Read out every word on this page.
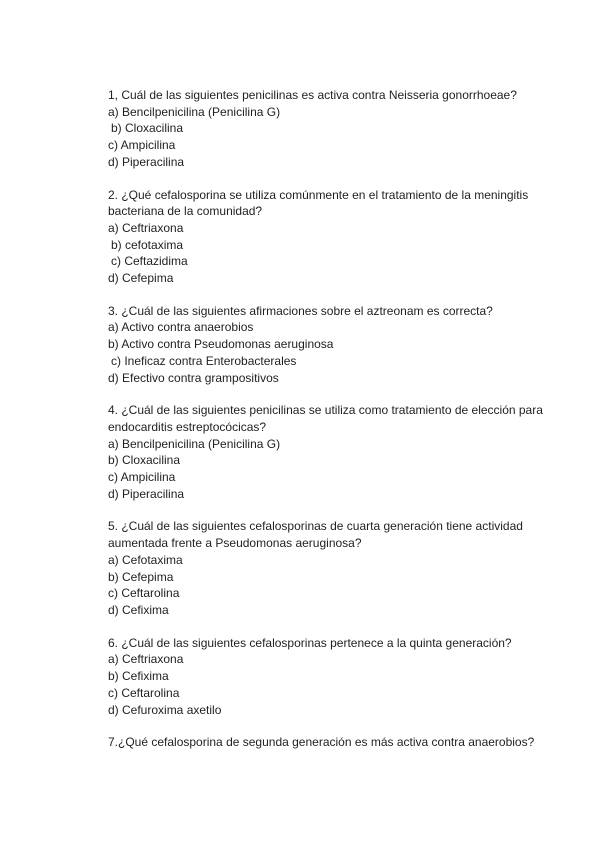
1, Cuál de las siguientes penicilinas es activa contra Neisseria gonorrhoeae?
a) Bencilpenicilina (Penicilina G)
b) Cloxacilina
c) Ampicilina
d) Piperacilina
2. ¿Qué cefalosporina se utiliza comúnmente en el tratamiento de la meningitis bacteriana de la comunidad?
a) Ceftriaxona
b) cefotaxima
c) Ceftazidima
d) Cefepima
3. ¿Cuál de las siguientes afirmaciones sobre el aztreonam es correcta?
a) Activo contra anaerobios
b) Activo contra Pseudomonas aeruginosa
c) Ineficaz contra Enterobacterales
d) Efectivo contra grampositivos
4. ¿Cuál de las siguientes penicilinas se utiliza como tratamiento de elección para endocarditis estreptocócicas?
a) Bencilpenicilina (Penicilina G)
b) Cloxacilina
c) Ampicilina
d) Piperacilina
5. ¿Cuál de las siguientes cefalosporinas de cuarta generación tiene actividad aumentada frente a Pseudomonas aeruginosa?
a) Cefotaxima
b) Cefepima
c) Ceftarolina
d) Cefixima
6. ¿Cuál de las siguientes cefalosporinas pertenece a la quinta generación?
a) Ceftriaxona
b) Cefixima
c) Ceftarolina
d) Cefuroxima axetilo
7.¿Qué cefalosporina de segunda generación es más activa contra anaerobios?
